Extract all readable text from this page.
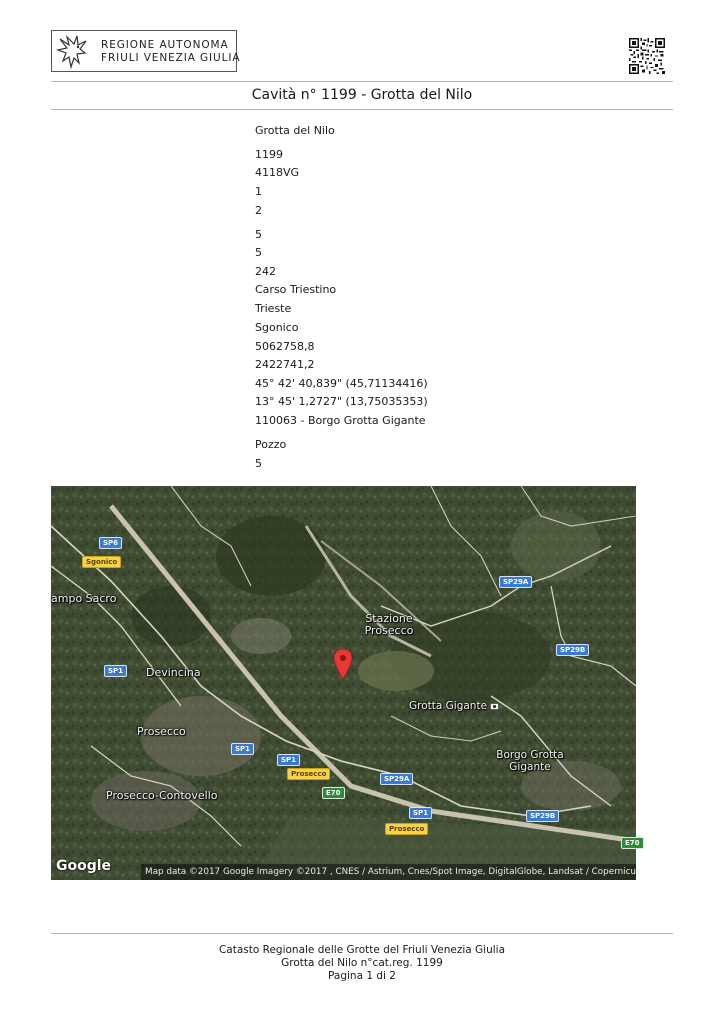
REGIONE AUTONOMA
FRIULI VENEZIA GIULIA
Cavità n° 1199 - Grotta del Nilo
Grotta del Nilo
1199
4118VG
1
2
5
5
242
Carso Triestino
Trieste
Sgonico
5062758,8
2422741,2
45° 42' 40,839" (45,71134416)
13° 45' 1,2727" (13,75035353)
110063 - Borgo Grotta Gigante
Pozzo
5
Stazione Prosecco
Devincina
ampo Sacro
Prosecco
Prosecco-Contovello
Grotta Gigante
Borgo Grotta Gigante
SP6
Sgonico
SP29A
SP29B
SP1
SP1
SP1
Prosecco
E70
SP29A
SP1
Prosecco
SP29B
E70
Google	Map data ©2017 Google Imagery ©2017 , CNES / Astrium, Cnes/Spot Image, DigitalGlobe, Landsat / Copernicus
Catasto Regionale delle Grotte del Friuli Venezia Giulia
Grotta del Nilo n°cat.reg. 1199
Pagina 1 di 2
